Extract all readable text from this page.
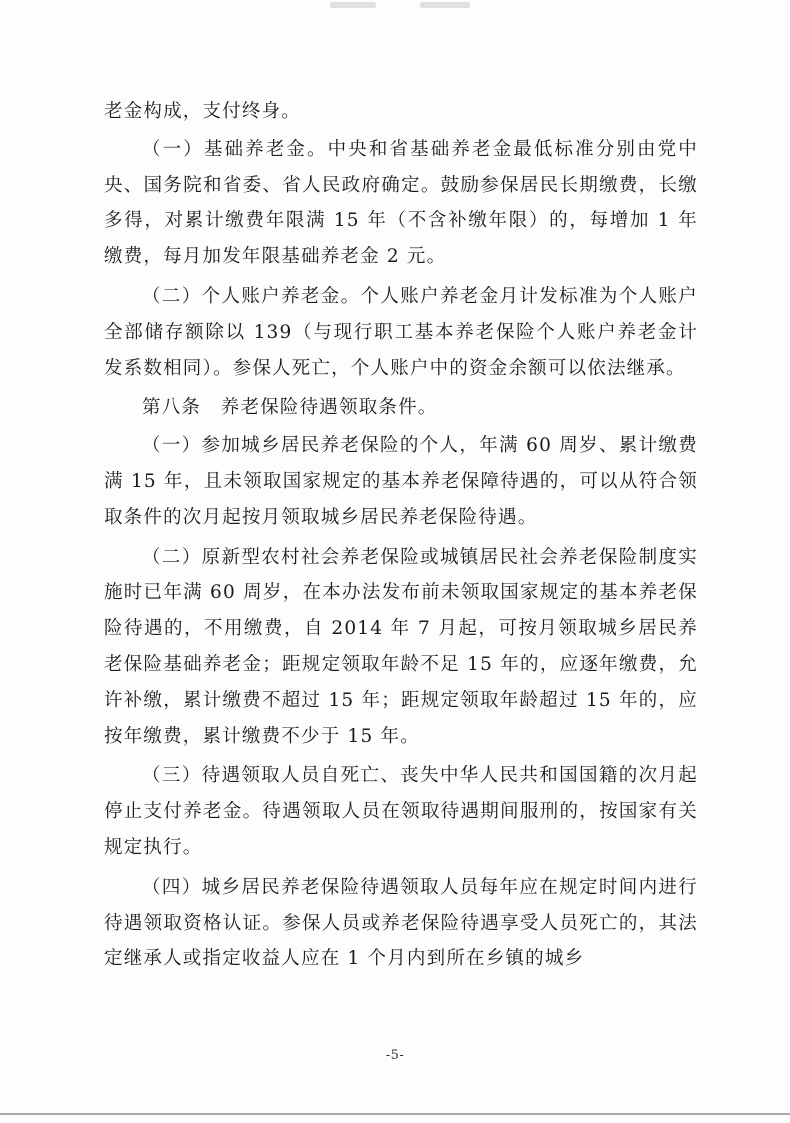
老金构成，支付终身。

（一）基础养老金。中央和省基础养老金最低标准分别由党中央、国务院和省委、省人民政府确定。鼓励参保居民长期缴费，长缴多得，对累计缴费年限满 15 年（不含补缴年限）的，每增加 1 年缴费，每月加发年限基础养老金 2 元。

（二）个人账户养老金。个人账户养老金月计发标准为个人账户全部储存额除以 139（与现行职工基本养老保险个人账户养老金计发系数相同）。参保人死亡，个人账户中的资金余额可以依法继承。

第八条　养老保险待遇领取条件。

（一）参加城乡居民养老保险的个人，年满 60 周岁、累计缴费满 15 年，且未领取国家规定的基本养老保障待遇的，可以从符合领取条件的次月起按月领取城乡居民养老保险待遇。

（二）原新型农村社会养老保险或城镇居民社会养老保险制度实施时已年满 60 周岁，在本办法发布前未领取国家规定的基本养老保险待遇的，不用缴费，自 2014 年 7 月起，可按月领取城乡居民养老保险基础养老金；距规定领取年龄不足 15 年的，应逐年缴费，允许补缴，累计缴费不超过 15 年；距规定领取年龄超过 15 年的，应按年缴费，累计缴费不少于 15 年。

（三）待遇领取人员自死亡、丧失中华人民共和国国籍的次月起停止支付养老金。待遇领取人员在领取待遇期间服刑的，按国家有关规定执行。

（四）城乡居民养老保险待遇领取人员每年应在规定时间内进行待遇领取资格认证。参保人员或养老保险待遇享受人员死亡的，其法定继承人或指定收益人应在 1 个月内到所在乡镇的城乡

-5-
